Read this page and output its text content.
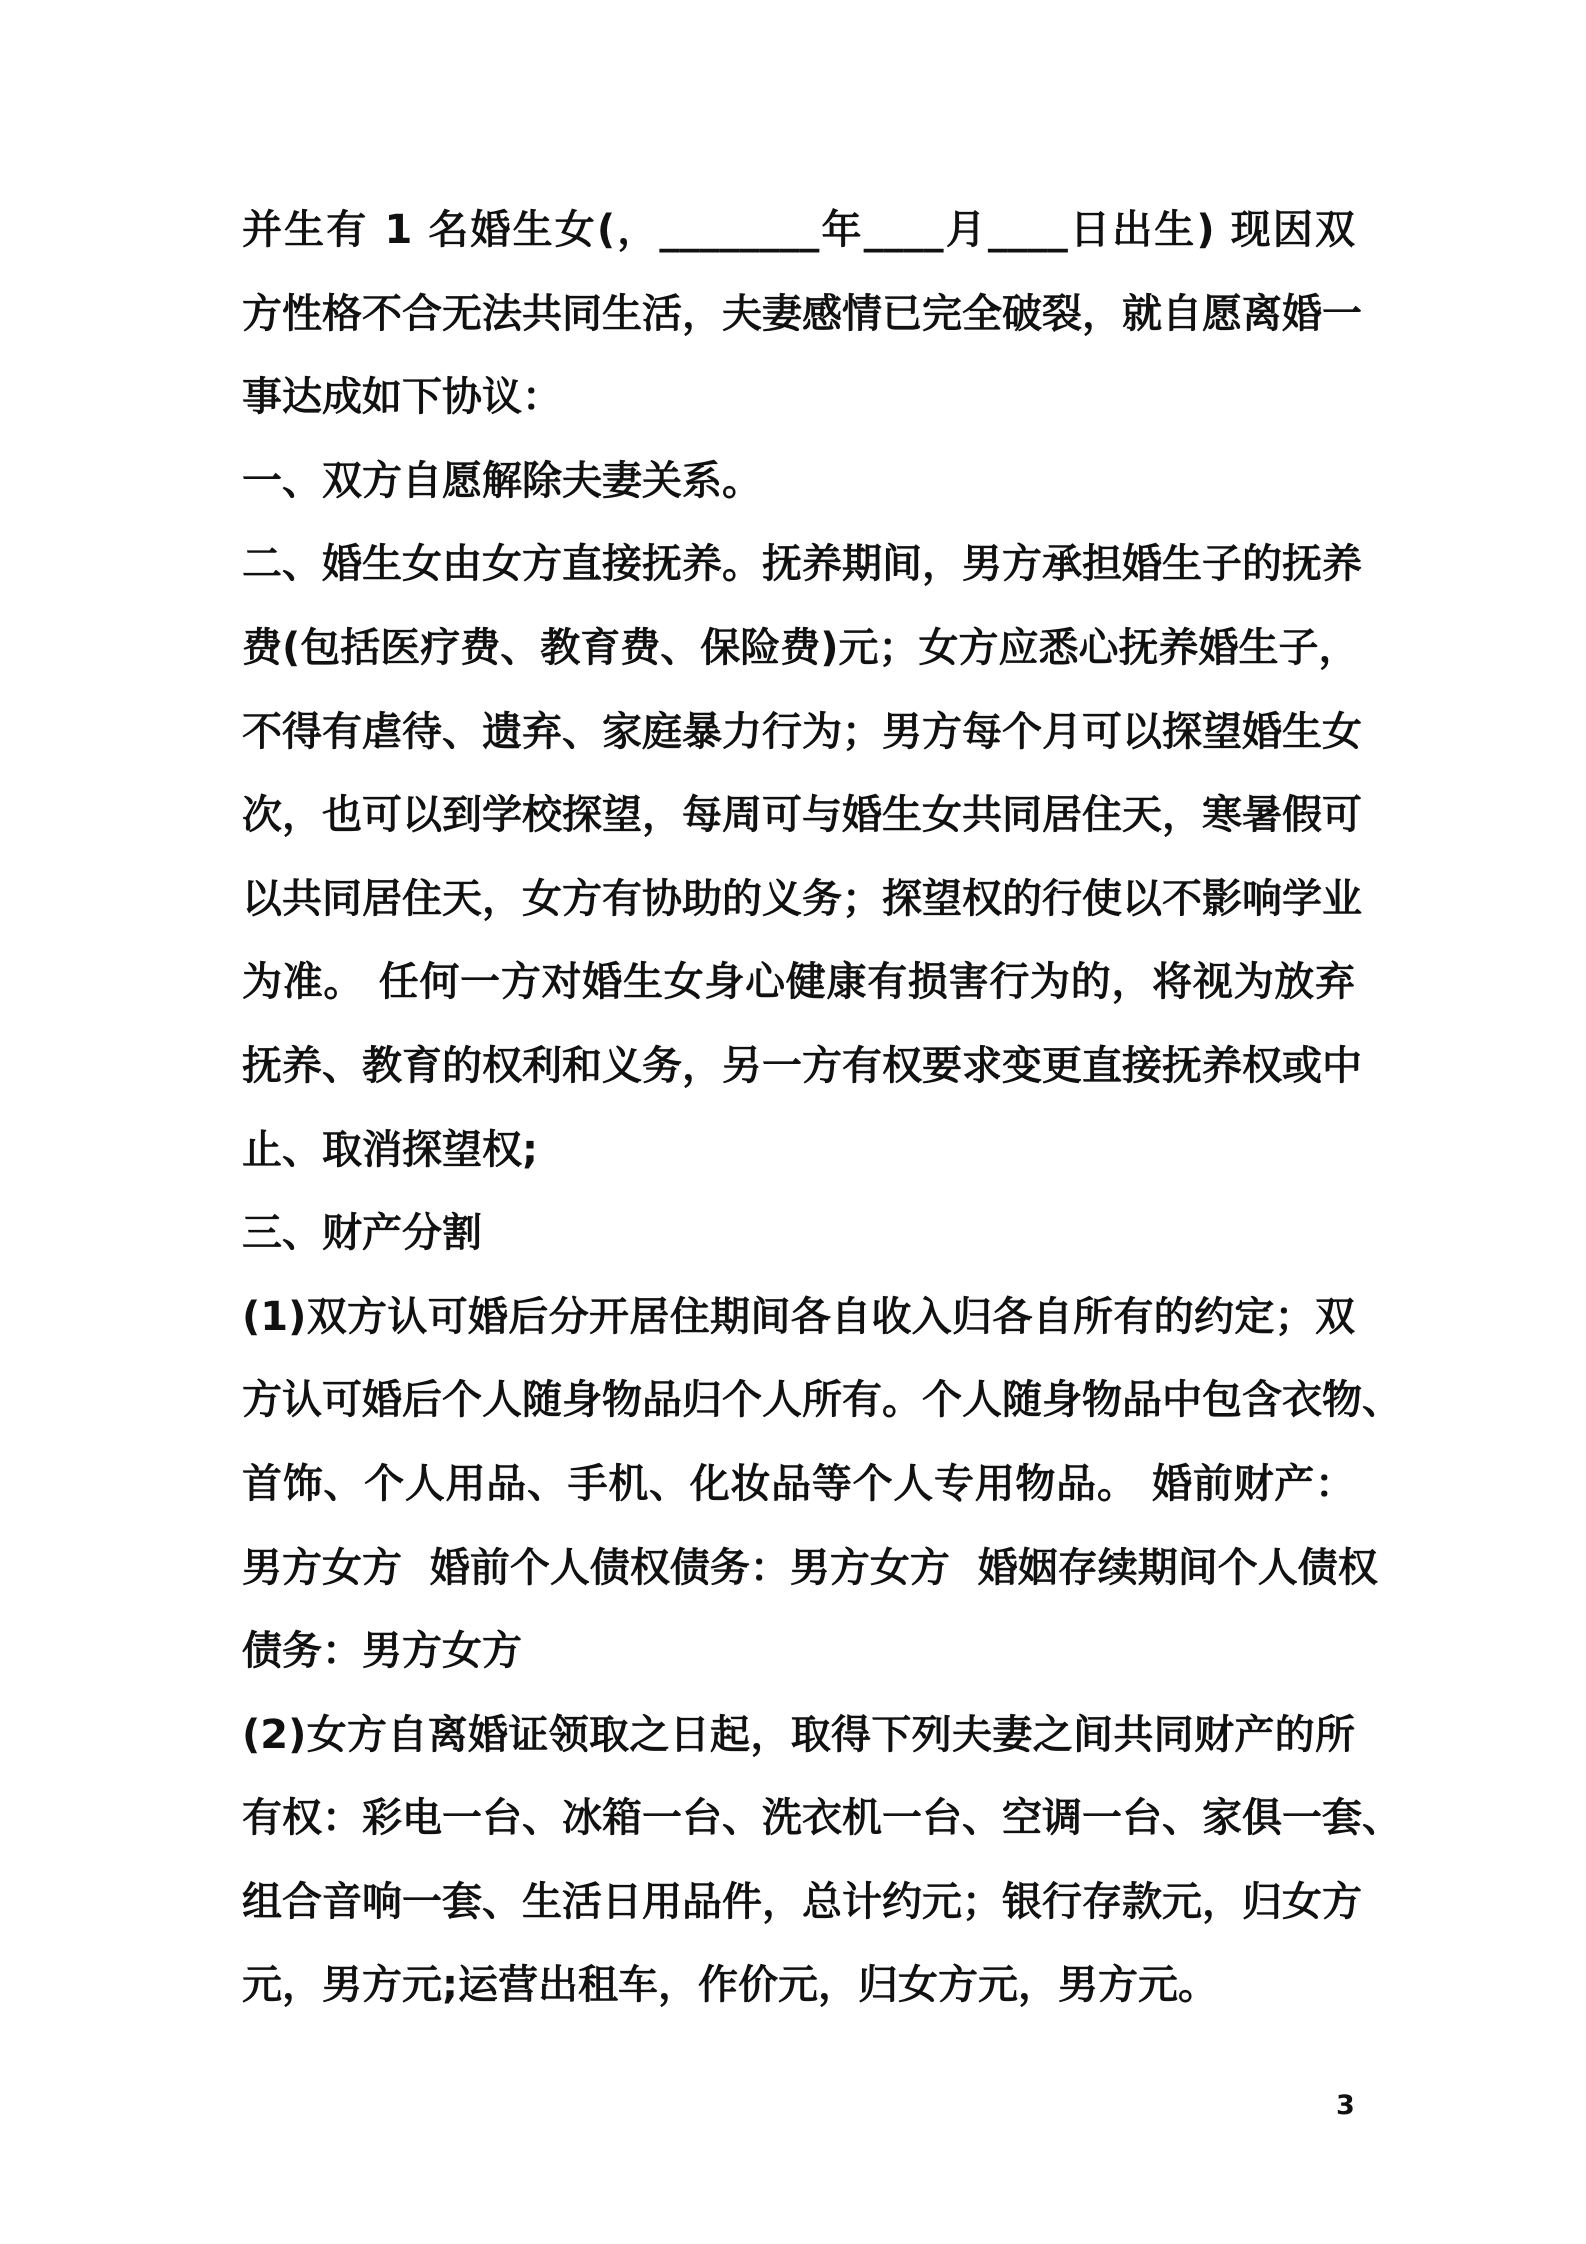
并生有 1 名婚生女(，________年____月____日出生) 现因双
方性格不合无法共同生活，夫妻感情已完全破裂，就自愿离婚一
事达成如下协议：
一、双方自愿解除夫妻关系。
二、婚生女由女方直接抚养。抚养期间，男方承担婚生子的抚养
费(包括医疗费、教育费、保险费)元；女方应悉心抚养婚生子，
不得有虐待、遗弃、家庭暴力行为；男方每个月可以探望婚生女
次，也可以到学校探望，每周可与婚生女共同居住天，寒暑假可
以共同居住天，女方有协助的义务；探望权的行使以不影响学业
为准。 任何一方对婚生女身心健康有损害行为的，将视为放弃
抚养、教育的权利和义务，另一方有权要求变更直接抚养权或中
止、取消探望权;
三、财产分割
(1)双方认可婚后分开居住期间各自收入归各自所有的约定；双
方认可婚后个人随身物品归个人所有。个人随身物品中包含衣物、
首饰、个人用品、手机、化妆品等个人专用物品。 婚前财产：
男方女方  婚前个人债权债务：男方女方  婚姻存续期间个人债权
债务：男方女方
(2)女方自离婚证领取之日起，取得下列夫妻之间共同财产的所
有权：彩电一台、冰箱一台、洗衣机一台、空调一台、家俱一套、
组合音响一套、生活日用品件，总计约元；银行存款元，归女方
元，男方元;运营出租车，作价元，归女方元，男方元。
3
